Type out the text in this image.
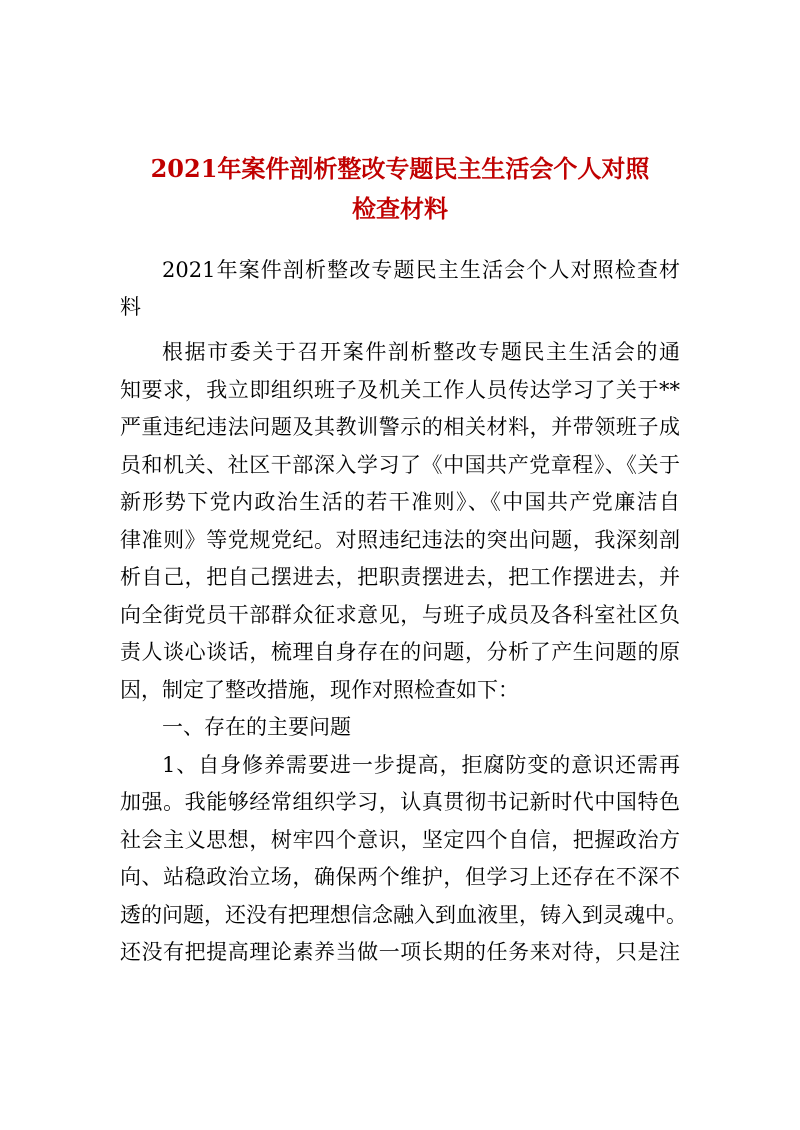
2021年案件剖析整改专题民主生活会个人对照
检查材料
2021年案件剖析整改专题民主生活会个人对照检查材
料
根据市委关于召开案件剖析整改专题民主生活会的通
知要求，我立即组织班子及机关工作人员传达学习了关于**
严重违纪违法问题及其教训警示的相关材料，并带领班子成
员和机关、社区干部深入学习了《中国共产党章程》、《关于
新形势下党内政治生活的若干准则》、《中国共产党廉洁自
律准则》等党规党纪。对照违纪违法的突出问题，我深刻剖
析自己，把自己摆进去，把职责摆进去，把工作摆进去，并
向全街党员干部群众征求意见，与班子成员及各科室社区负
责人谈心谈话，梳理自身存在的问题，分析了产生问题的原
因，制定了整改措施，现作对照检查如下：
一、存在的主要问题
1、自身修养需要进一步提高，拒腐防变的意识还需再
加强。我能够经常组织学习，认真贯彻书记新时代中国特色
社会主义思想，树牢四个意识，坚定四个自信，把握政治方
向、站稳政治立场，确保两个维护，但学习上还存在不深不
透的问题，还没有把理想信念融入到血液里，铸入到灵魂中。
还没有把提高理论素养当做一项长期的任务来对待，只是注
